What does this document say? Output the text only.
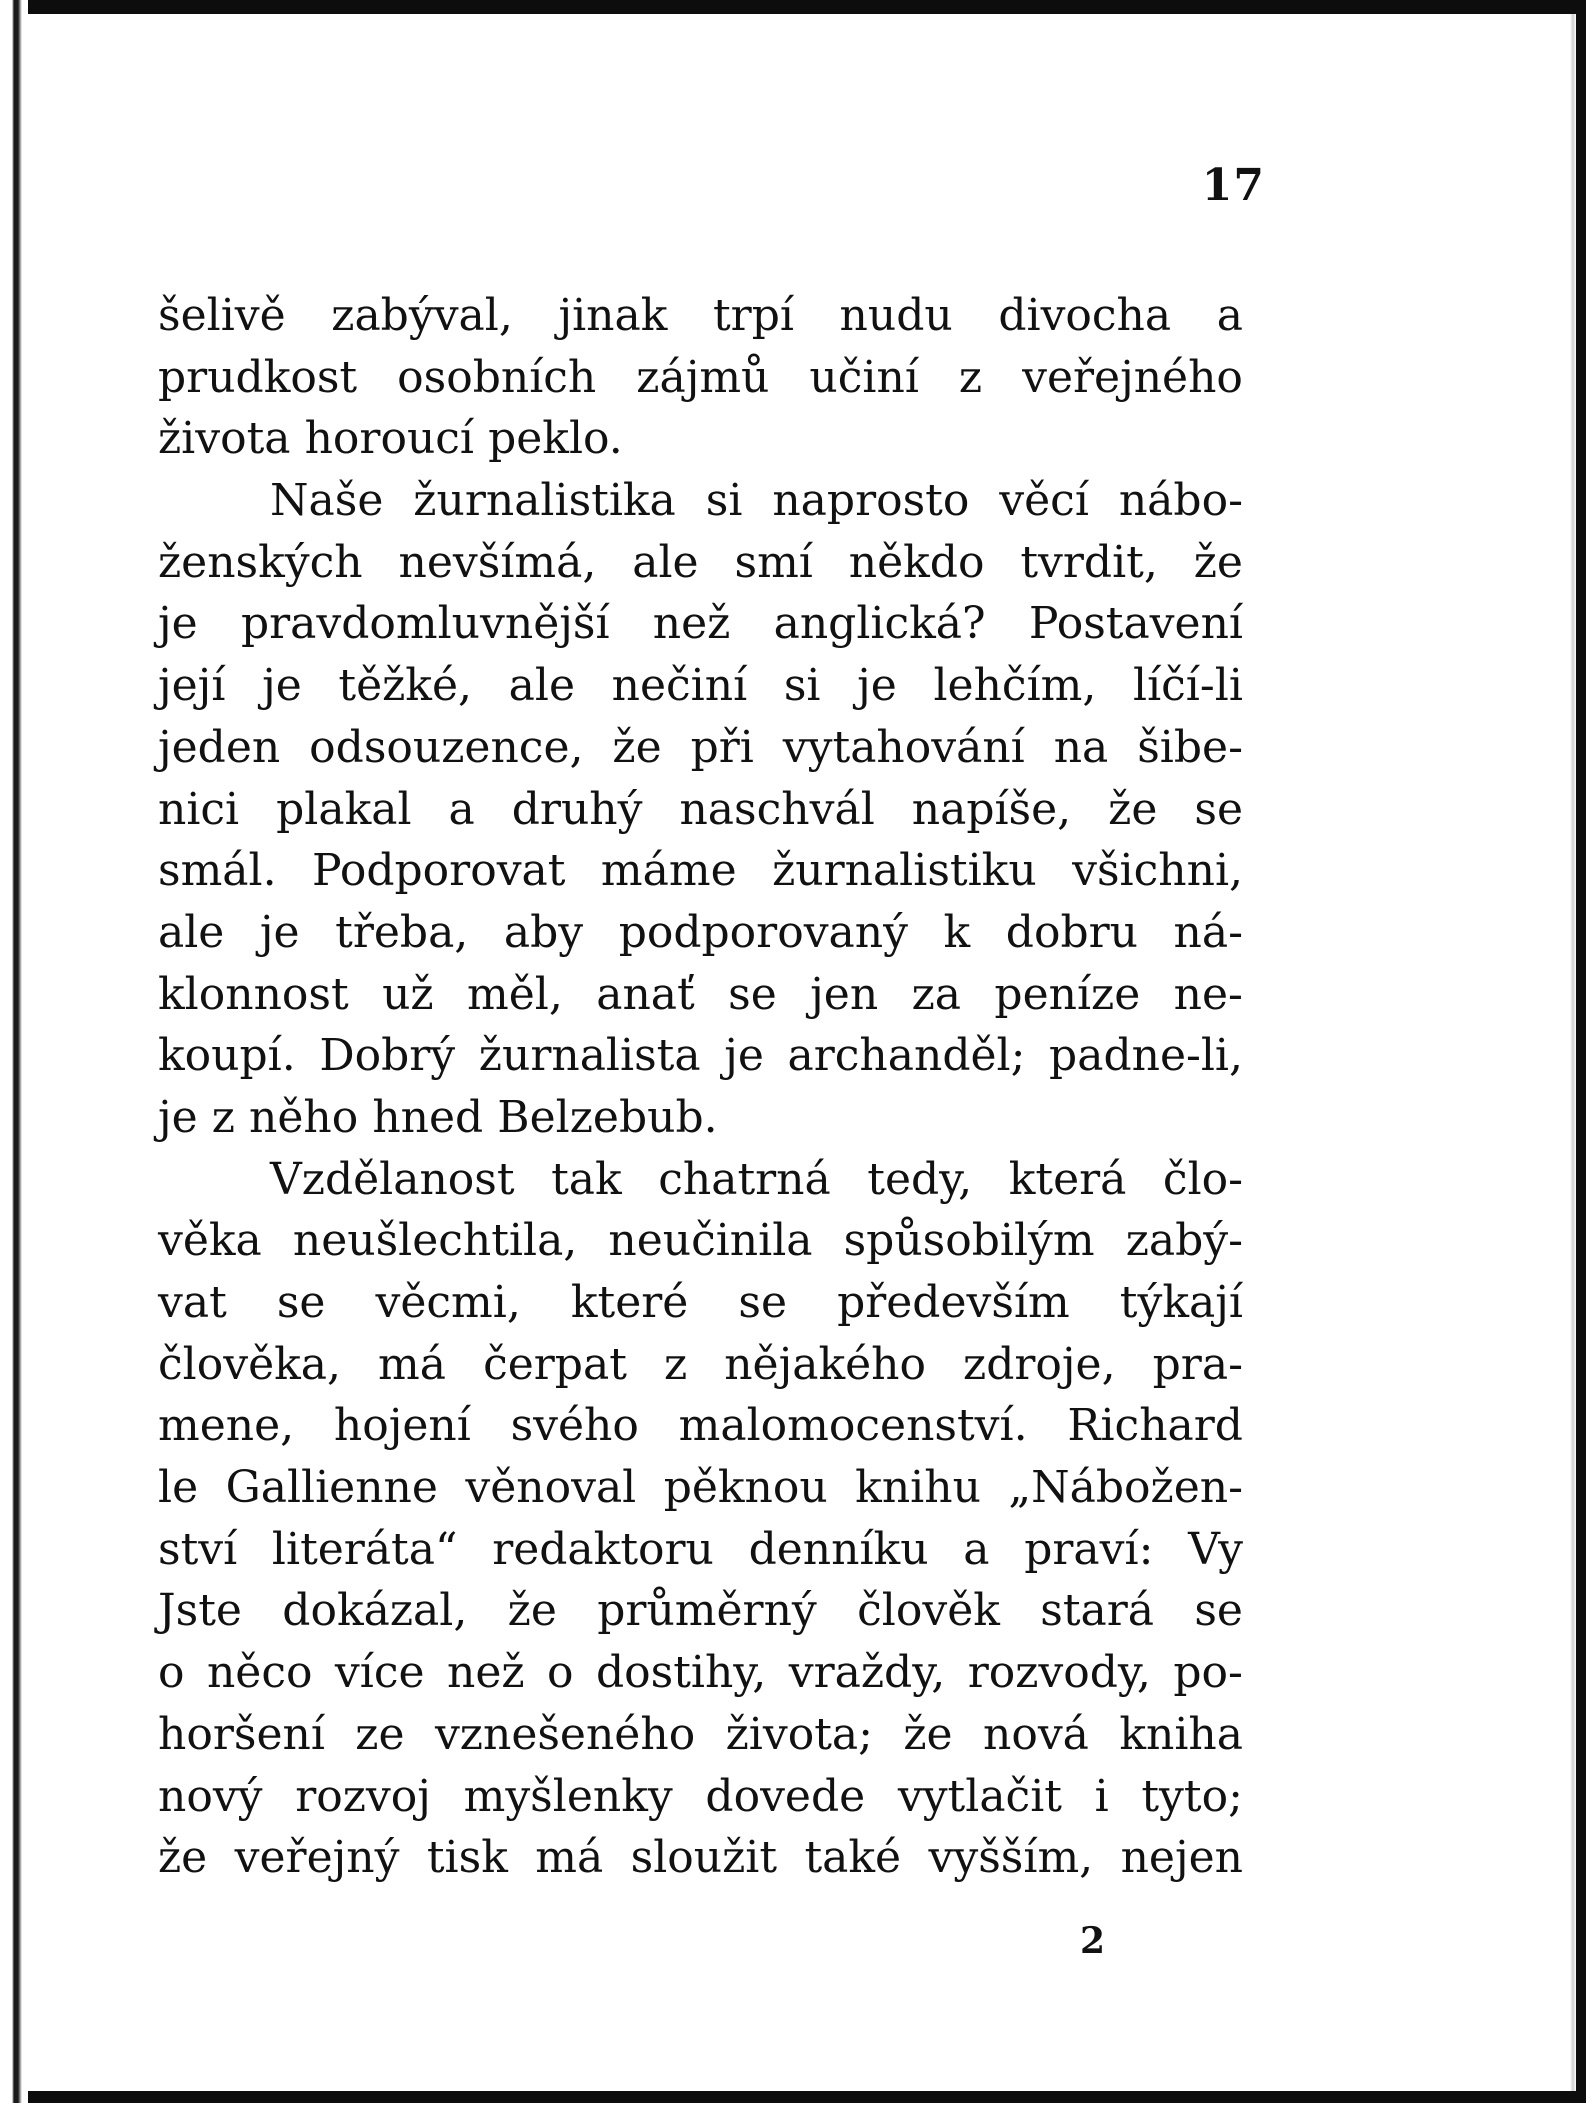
17
šelivě zabýval, jinak trpí nudu divocha a
prudkost osobních zájmů učiní z veřejného
života horoucí peklo.
Naše žurnalistika si naprosto věcí nábo-
ženských nevšímá, ale smí někdo tvrdit, že
je pravdomluvnější než anglická? Postavení
její je těžké, ale nečiní si je lehčím, líčí-li
jeden odsouzence, že při vytahování na šibe-
nici plakal a druhý naschvál napíše, že se
smál. Podporovat máme žurnalistiku všichni,
ale je třeba, aby podporovaný k dobru ná-
klonnost už měl, anať se jen za peníze ne-
koupí. Dobrý žurnalista je archanděl; padne-li,
je z něho hned Belzebub.
Vzdělanost tak chatrná tedy, která člo-
věka neušlechtila, neučinila spůsobilým zabý-
vat se věcmi, které se především týkají
člověka, má čerpat z nějakého zdroje, pra-
mene, hojení svého malomocenství. Richard
le Gallienne věnoval pěknou knihu „Nábožen-
ství literáta“ redaktoru denníku a praví: Vy
Jste dokázal, že průměrný člověk stará se
o něco více než o dostihy, vraždy, rozvody, po-
horšení ze vznešeného života; že nová kniha
nový rozvoj myšlenky dovede vytlačit i tyto;
že veřejný tisk má sloužit také vyšším, nejen
2
